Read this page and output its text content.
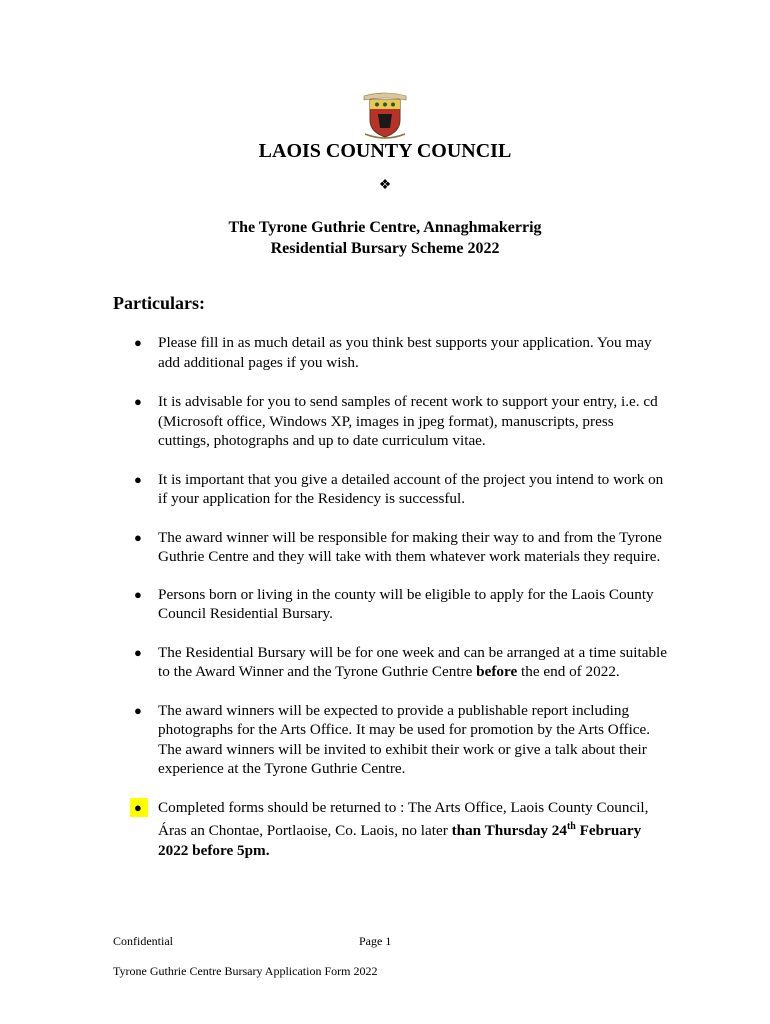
LAOIS COUNTY COUNCIL
❖
The Tyrone Guthrie Centre, Annaghmakerrig
Residential Bursary Scheme 2022
Particulars:
● Please fill in as much detail as you think best supports your application. You may add additional pages if you wish.
● It is advisable for you to send samples of recent work to support your entry, i.e. cd (Microsoft office, Windows XP, images in jpeg format), manuscripts, press cuttings, photographs and up to date curriculum vitae.
● It is important that you give a detailed account of the project you intend to work on if your application for the Residency is successful.
● The award winner will be responsible for making their way to and from the Tyrone Guthrie Centre and they will take with them whatever work materials they require.
● Persons born or living in the county will be eligible to apply for the Laois County Council Residential Bursary.
● The Residential Bursary will be for one week and can be arranged at a time suitable to the Award Winner and the Tyrone Guthrie Centre before the end of 2022.
● The award winners will be expected to provide a publishable report including photographs for the Arts Office. It may be used for promotion by the Arts Office. The award winners will be invited to exhibit their work or give a talk about their experience at the Tyrone Guthrie Centre.
●	Completed forms should be returned to : The Arts Office, Laois County Council, Áras an Chontae, Portlaoise, Co. Laois, no later than Thursday 24th February 2022 before 5pm.
Confidential	Page 1
Tyrone Guthrie Centre Bursary Application Form 2022
